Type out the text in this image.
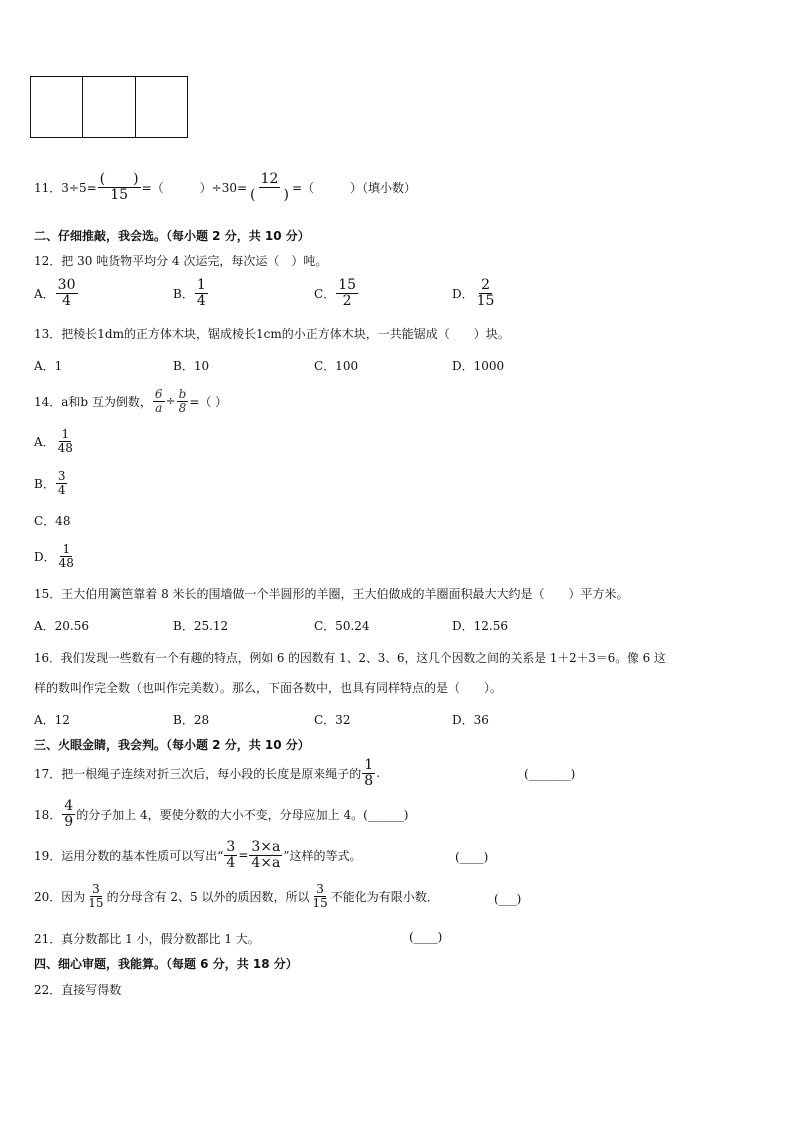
11．$3\div 5= \frac{( )}{15}$ =（　　　）$\div 30= \frac{12}{( )}$ =（　　　）（填小数）
二、仔细推敲，我会选。（每小题 2 分，共 10 分）
12．把 30 吨货物平均分 4 次运完，每次运（　）吨。
A． $\frac{30}{4}$	B． $\frac{1}{4}$	C． $\frac{15}{2}$	D． $\frac{2}{15}$
13．把棱长1dm的正方体木块，锯成棱长1cm的小正方体木块，一共能锯成（　　）块。
A．1	B．10	C．100	D．1000
14．a和b 互为倒数， $\frac{6}{a} \div \frac{b}{8}$ =（ ）
A． $\frac{1}{48}$
B． $\frac{3}{4}$
C．48
D． $\frac{1}{48}$
15．王大伯用篱笆靠着 8 米长的围墙做一个半圆形的羊圈，王大伯做成的羊圈面积最大大约是（　　）平方米。
A．20.56	B．25.12	C．50.24	D．12.56
16．我们发现一些数有一个有趣的特点，例如 6 的因数有 1、2、3、6，这几个因数之间的关系是 1＋2＋3＝6。像 6 这
样的数叫作完全数（也叫作完美数）。那么，下面各数中，也具有同样特点的是（　　）。
A．12	B．28	C．32	D．36
三、火眼金睛，我会判。（每小题 2 分，共 10 分）
17．把一根绳子连续对折三次后，每小段的长度是原来绳子的 $\frac{1}{8}$ .	(_______)
18． $\frac{4}{9}$ 的分子加上 4，要使分数的大小不变，分母应加上 4。(______)
19．运用分数的基本性质可以写出“ $\frac{3}{4} = \frac{3\times a}{4\times a}$ ”这样的等式。	(____)
20．因为 $\frac{3}{15}$ 的分母含有 2、5 以外的质因数，所以 $\frac{3}{15}$ 不能化为有限小数．	(___)
21．真分数都比 1 小，假分数都比 1 大。	(____)
四、细心审题，我能算。（每题 6 分，共 18 分）
22．直接写得数
